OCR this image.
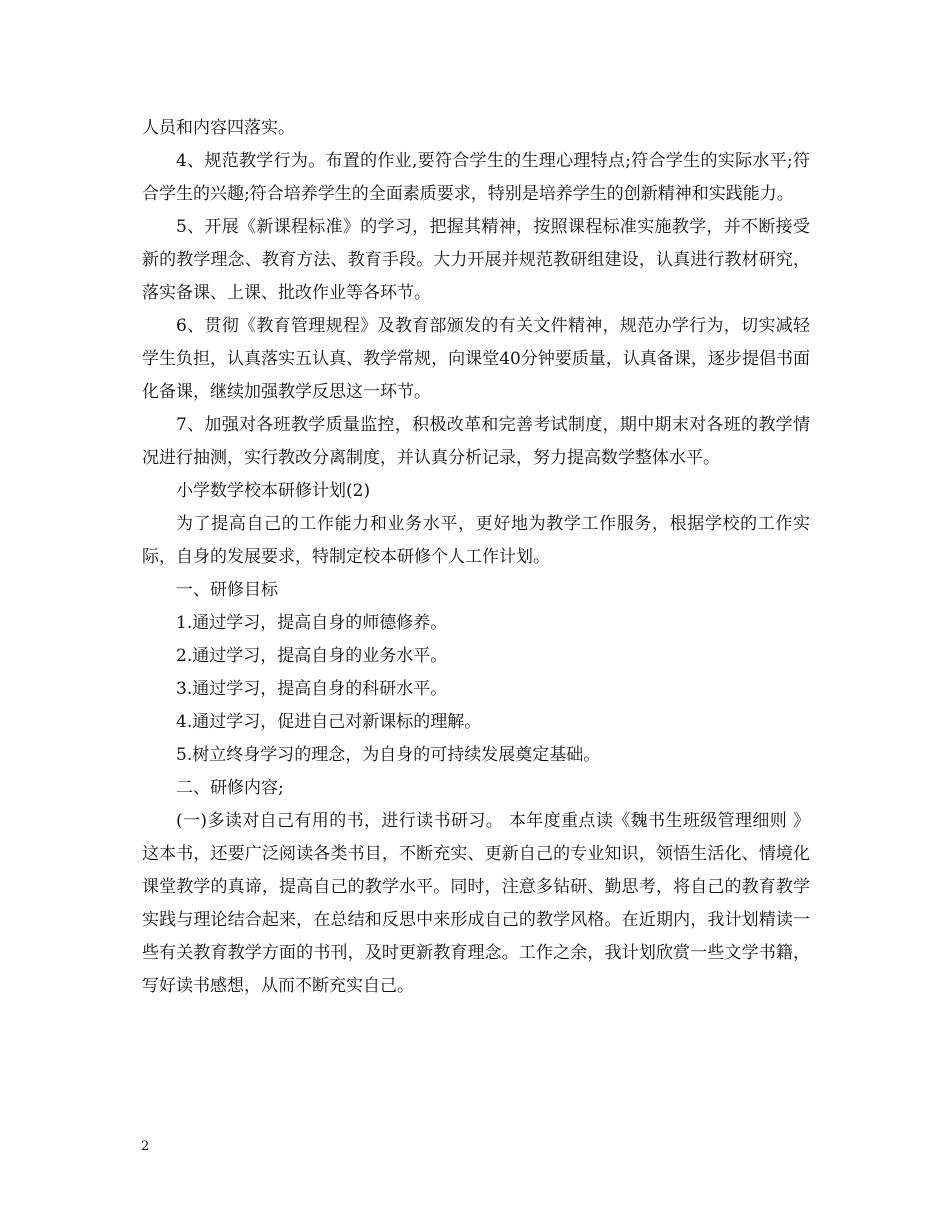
人员和内容四落实。

4、规范教学行为。布置的作业,要符合学生的生理心理特点;符合学生的实际水平;符合学生的兴趣;符合培养学生的全面素质要求，特别是培养学生的创新精神和实践能力。

5、开展《新课程标准》的学习，把握其精神，按照课程标准实施教学，并不断接受新的教学理念、教育方法、教育手段。大力开展并规范教研组建设，认真进行教材研究，落实备课、上课、批改作业等各环节。

6、贯彻《教育管理规程》及教育部颁发的有关文件精神，规范办学行为，切实减轻学生负担，认真落实五认真、教学常规，向课堂40分钟要质量，认真备课，逐步提倡书面化备课，继续加强教学反思这一环节。

7、加强对各班教学质量监控，积极改革和完善考试制度，期中期末对各班的教学情况进行抽测，实行教改分离制度，并认真分析记录，努力提高数学整体水平。

小学数学校本研修计划(2)

为了提高自己的工作能力和业务水平，更好地为教学工作服务，根据学校的工作实际，自身的发展要求，特制定校本研修个人工作计划。

一、研修目标

1.通过学习，提高自身的师德修养。

2.通过学习，提高自身的业务水平。

3.通过学习，提高自身的科研水平。

4.通过学习，促进自己对新课标的理解。

5.树立终身学习的理念，为自身的可持续发展奠定基础。

二、研修内容;

(一)多读对自己有用的书，进行读书研习。 本年度重点读《魏书生班级管理细则 》这本书，还要广泛阅读各类书目，不断充实、更新自己的专业知识，领悟生活化、情境化课堂教学的真谛，提高自己的教学水平。同时，注意多钻研、勤思考，将自己的教育教学实践与理论结合起来，在总结和反思中来形成自己的教学风格。在近期内，我计划精读一些有关教育教学方面的书刊，及时更新教育理念。工作之余，我计划欣赏一些文学书籍，写好读书感想，从而不断充实自己。

2
